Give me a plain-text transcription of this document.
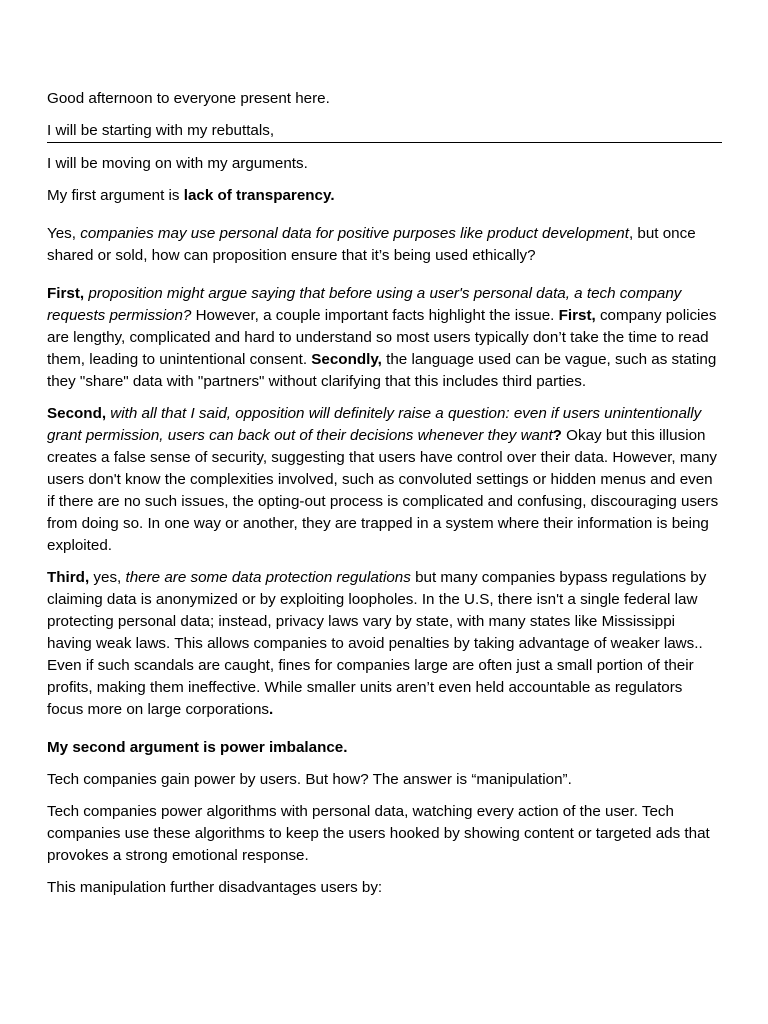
Good afternoon to everyone present here.

I will be starting with my rebuttals,

I will be moving on with my arguments.

My first argument is lack of transparency.

Yes, companies may use personal data for positive purposes like product development, but once shared or sold, how can proposition ensure that it’s being used ethically?

First, proposition might argue saying that before using a user's personal data, a tech company requests permission? However, a couple important facts highlight the issue. First, company policies are lengthy, complicated and hard to understand so most users typically don’t take the time to read them, leading to unintentional consent. Secondly, the language used can be vague, such as stating they "share" data with "partners" without clarifying that this includes third parties.

Second, with all that I said, opposition will definitely raise a question: even if users unintentionally grant permission, users can back out of their decisions whenever they want? Okay but this illusion creates a false sense of security, suggesting that users have control over their data. However, many users don't know the complexities involved, such as convoluted settings or hidden menus and even if there are no such issues, the opting-out process is complicated and confusing, discouraging users from doing so. In one way or another, they are trapped in a system where their information is being exploited.

Third, yes, there are some data protection regulations but many companies bypass regulations by claiming data is anonymized or by exploiting loopholes. In the U.S, there isn't a single federal law protecting personal data; instead, privacy laws vary by state, with many states like Mississippi having weak laws. This allows companies to avoid penalties by taking advantage of weaker laws.. Even if such scandals are caught, fines for companies large are often just a small portion of their profits, making them ineffective. While smaller units aren’t even held accountable as regulators focus more on large corporations.

My second argument is power imbalance.

Tech companies gain power by users. But how? The answer is “manipulation”.

Tech companies power algorithms with personal data, watching every action of the user. Tech companies use these algorithms to keep the users hooked by showing content or targeted ads that provokes a strong emotional response.

This manipulation further disadvantages users by:
